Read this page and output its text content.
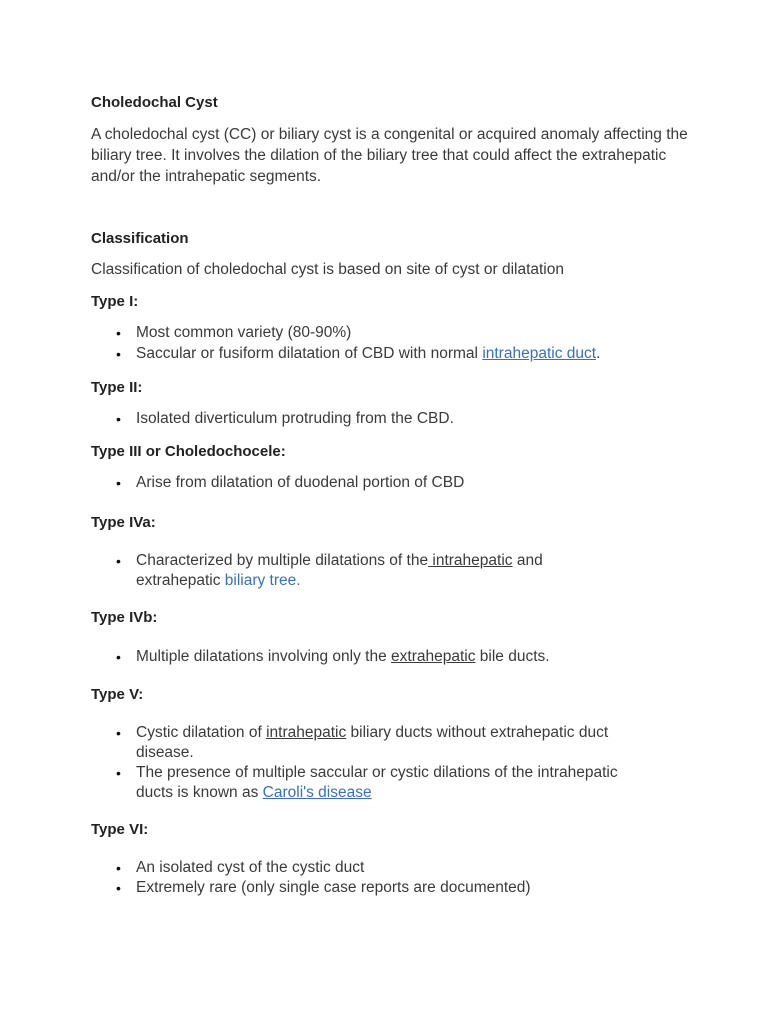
Choledochal Cyst
A choledochal cyst (CC) or biliary cyst is a congenital or acquired anomaly affecting the biliary tree. It involves the dilation of the biliary tree that could affect the extrahepatic and/or the intrahepatic segments.
Classification
Classification of choledochal cyst is based on site of cyst or dilatation
Type I:
• Most common variety (80-90%)
• Saccular or fusiform dilatation of CBD with normal intrahepatic duct.
Type II:
• Isolated diverticulum protruding from the CBD.
Type III or Choledochocele:
• Arise from dilatation of duodenal portion of CBD
Type IVa:
• Characterized by multiple dilatations of the intrahepatic and extrahepatic biliary tree.
Type IVb:
• Multiple dilatations involving only the extrahepatic bile ducts.
Type V:
• Cystic dilatation of intrahepatic biliary ducts without extrahepatic duct disease.
• The presence of multiple saccular or cystic dilations of the intrahepatic ducts is known as Caroli's disease
Type VI:
• An isolated cyst of the cystic duct
• Extremely rare (only single case reports are documented)
